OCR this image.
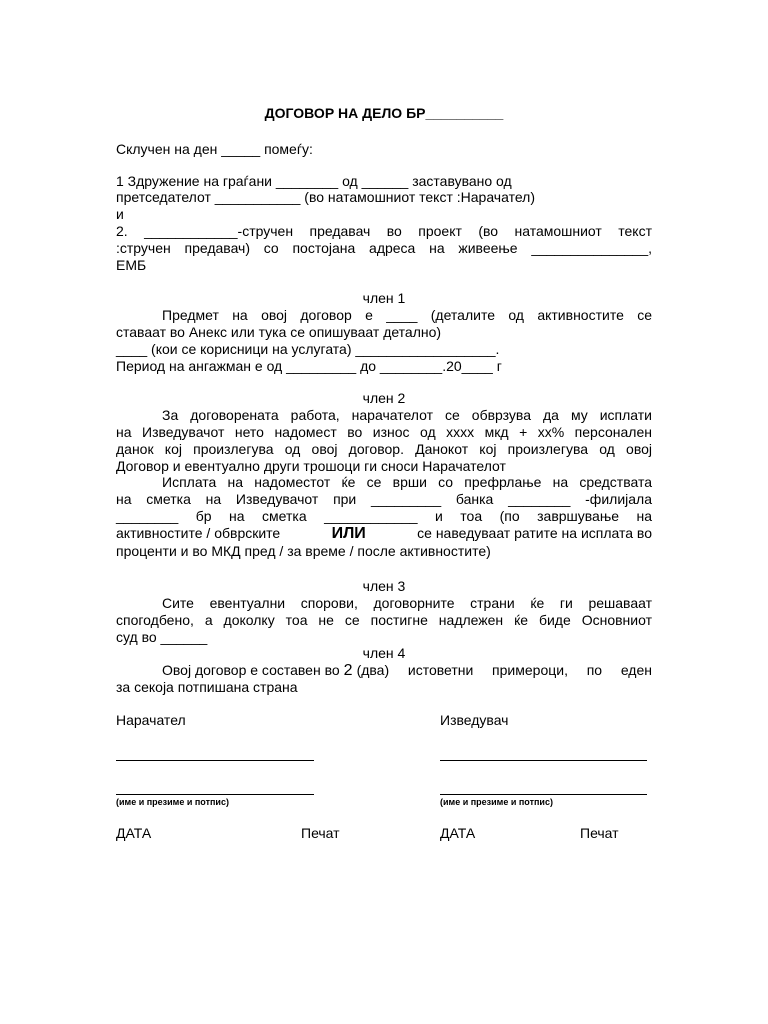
ДОГОВОР НА ДЕЛО БР__________
Склучен на ден _____ помеѓу:
1 Здружение на граѓани ________ од ______ заставувано од
претседателот ___________ (во натамошниот текст :Нарачател)
и
2. ____________-стручен предавач во проект (во натамошниот текст
:стручен предавач) со постојана адреса на живеење _______________,
ЕМБ
член 1
Предмет на овој договор е ____ (деталите од активностите се
ставаат во Анекс или тука се опишуваат детално)
____ (кои се корисници на услугата) __________________.
Период на ангажман е од _________ до ________.20____ г
член 2
За договорената работа, нарачателот се обврзува да му исплати
на Изведувачот нето надомест во износ од xxxx мкд + xx% персонален
данок кој произлегува од овој договор. Данокот кој произлегува од овој
Договор и евентуално други трошоци ги сноси Нарачателот
Исплата на надоместот ќе се врши со префрлање на средствата
на сметка на Изведувачот при _________ банка ________ -филијала
________ бр на сметка ____________ и тоа (по завршување на
активностите / обврските	ИЛИ	се наведуваат ратите на исплата во
проценти и во МКД пред / за време / после активностите)
член 3
Сите евентуални спорови, договорните страни ќе ги решаваат
спогодбено, а доколку тоа не се постигне надлежен ќе биде Основниот
суд во ______
член 4
Овој договор е составен во 2 (два) истоветни примероци, по еден
за секоја потпишана страна
Нарачател	Изведувач
(име и презиме и потпис)	(име и презиме и потпис)
ДАТА	Печат	ДАТА	Печат
